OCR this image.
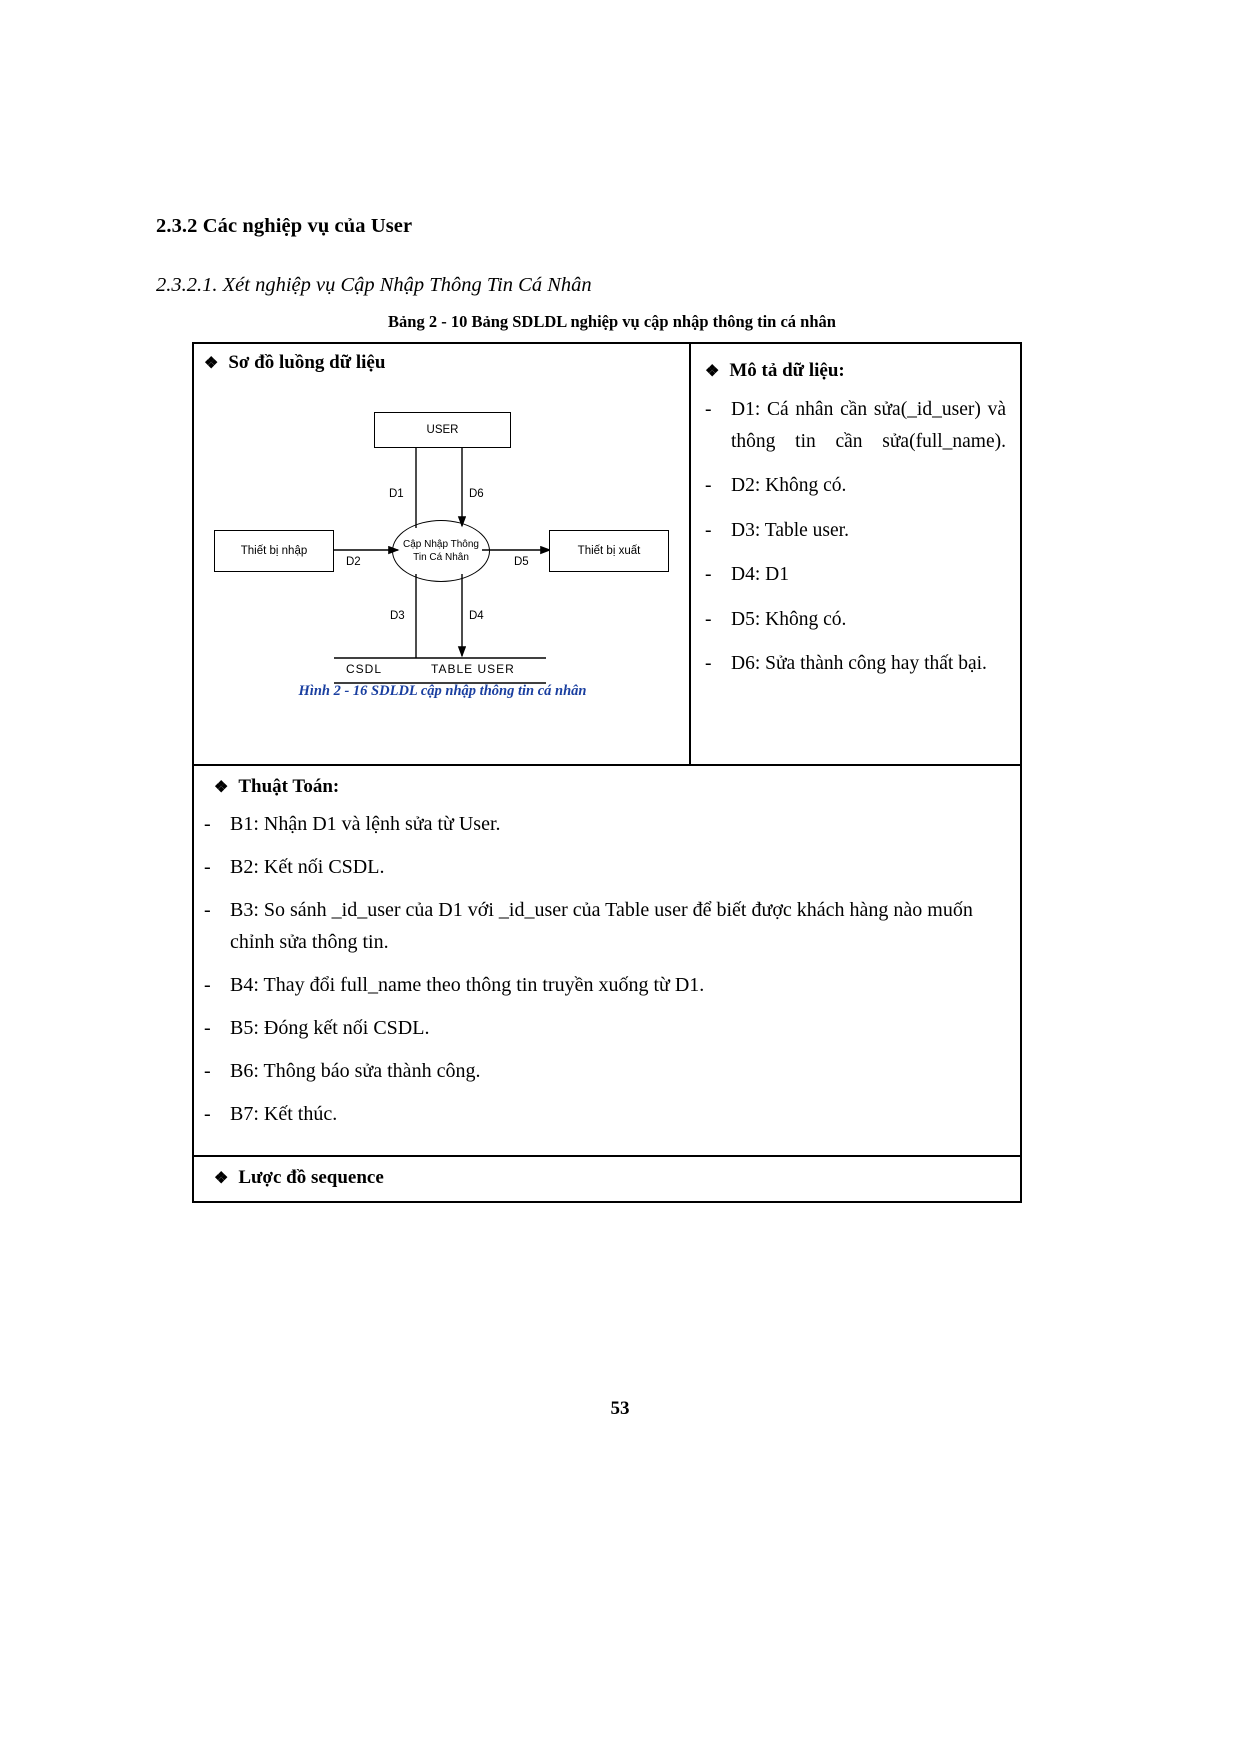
2.3.2 Các nghiệp vụ của User
2.3.2.1. Xét nghiệp vụ Cập Nhập Thông Tin Cá Nhân
Bảng 2 - 10 Bảng SDLDL nghiệp vụ cập nhập thông tin cá nhân
❖ Sơ đồ luồng dữ liệu
USER
Thiết bị nhập	Thiết bị xuất
Cập Nhập Thông Tin Cá Nhân
D1	D6
D2	D5
D3	D4
CSDL	TABLE USER
Hình 2 - 16 SDLDL cập nhập thông tin cá nhân
❖ Mô tả dữ liệu:
- D1: Cá nhân cần sửa(_id_user) và thông tin cần sửa(full_name).
- D2: Không có.
- D3: Table user.
- D4: D1
- D5: Không có.
- D6: Sửa thành công hay thất bại.
❖ Thuật Toán:
- B1: Nhận D1 và lệnh sửa từ User.
- B2: Kết nối CSDL.
- B3: So sánh _id_user của D1 với _id_user của Table user để biết được khách hàng nào muốn chỉnh sửa thông tin.
- B4: Thay đổi full_name theo thông tin truyền xuống từ D1.
- B5: Đóng kết nối CSDL.
- B6: Thông báo sửa thành công.
- B7: Kết thúc.
❖ Lược đồ sequence
53
